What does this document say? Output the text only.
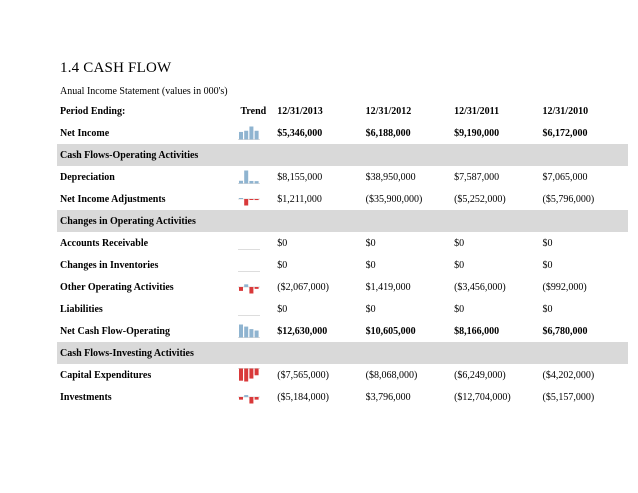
1.4 CASH FLOW
Anual Income Statement (values in 000's)
Period Ending:	Trend	12/31/2013	12/31/2012	12/31/2011	12/31/2010
Net Income		$5,346,000	$6,188,000	$9,190,000	$6,172,000
Cash Flows-Operating Activities					
Depreciation		$8,155,000	$38,950,000	$7,587,000	$7,065,000
Net Income Adjustments		$1,211,000	($35,900,000)	($5,252,000)	($5,796,000)
Changes in Operating Activities					
Accounts Receivable		$0	$0	$0	$0
Changes in Inventories		$0	$0	$0	$0
Other Operating Activities		($2,067,000)	$1,419,000	($3,456,000)	($992,000)
Liabilities		$0	$0	$0	$0
Net Cash Flow-Operating		$12,630,000	$10,605,000	$8,166,000	$6,780,000
Cash Flows-Investing Activities					
Capital Expenditures		($7,565,000)	($8,068,000)	($6,249,000)	($4,202,000)
Investments		($5,184,000)	$3,796,000	($12,704,000)	($5,157,000)
